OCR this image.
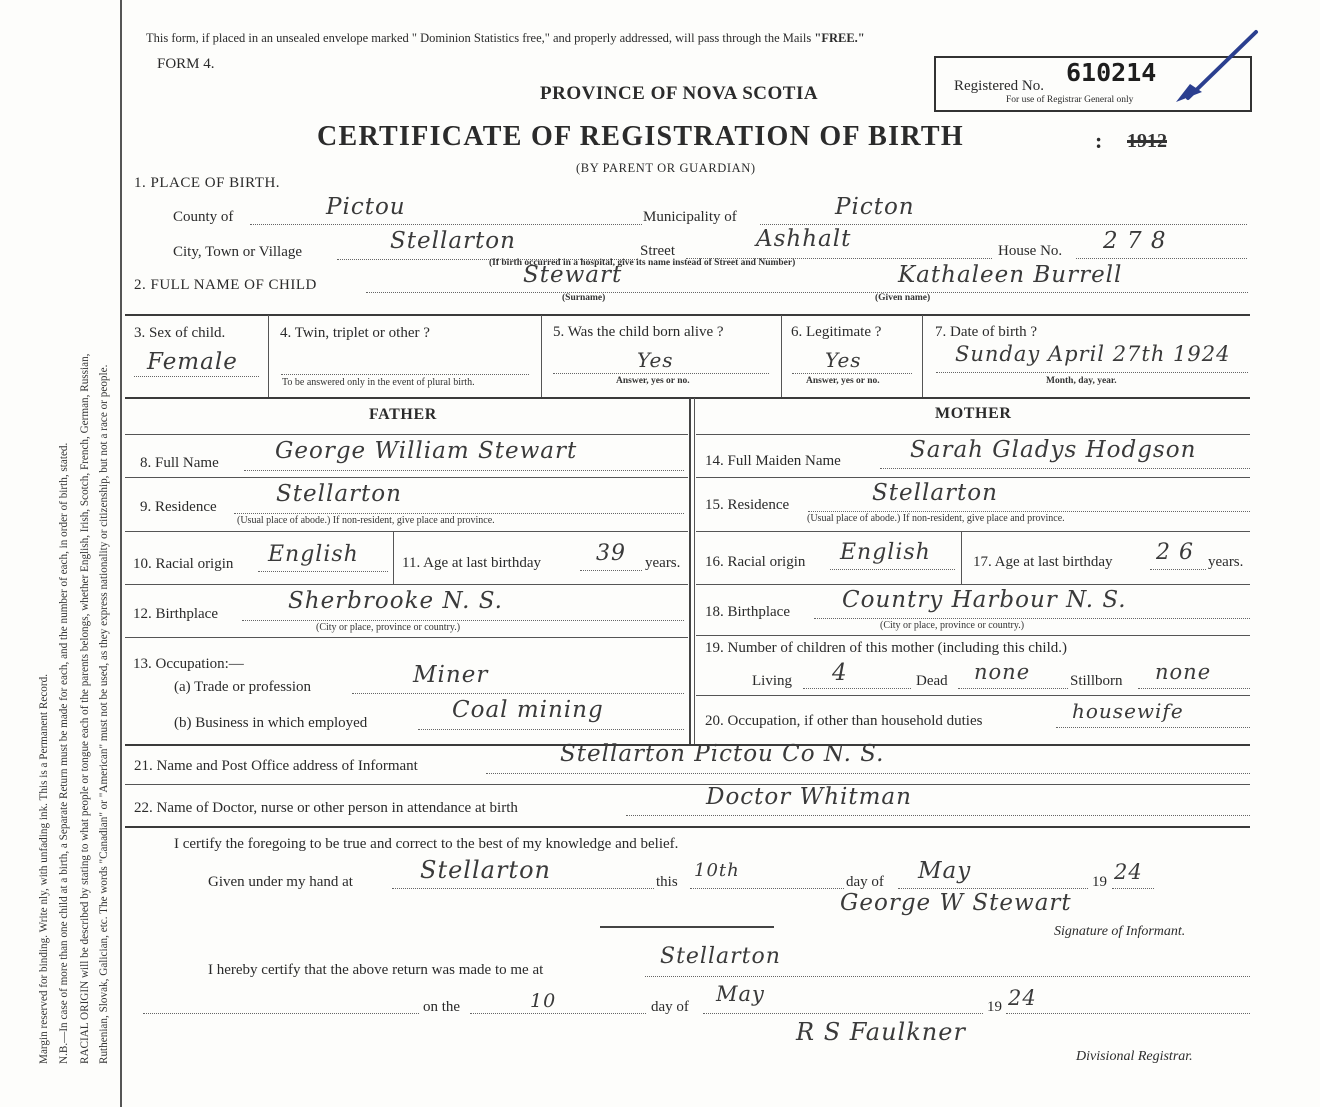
Margin reserved for binding. Write nly, with unfading ink. This is a Permanent Record. N.B.—In case of more than one child at a birth, a Separate Return must be made for each, and the number of each, in order of birth, stated. RACIAL ORIGIN will be described by stating to what people or tongue each of the parents belongs, whether English, Irish, Scotch, French, German, Russian, Ruthenian, Slovak, Galician, etc. The words "Canadian" or "American" must not be used, as they express nationality or citizenship, but not a race or people.
This form, if placed in an unsealed envelope marked " Dominion Statistics free," and properly addressed, will pass through the Mails "FREE."
FORM 4.
PROVINCE OF NOVA SCOTIA
CERTIFICATE OF REGISTRATION OF BIRTH	: 1912
(BY PARENT OR GUARDIAN)
Registered No. 610214
For use of Registrar General only
1. PLACE OF BIRTH.
County of	Pictou	Municipality of	Picton
City, Town or Village	Stellarton	Street	Ashhalt	House No. 2 7 8
(If birth occurred in a hospital, give its name instead of Street and Number)
2. FULL NAME OF CHILD	Stewart
(Surname)
Kathaleen Burrell
(Given name)
3. Sex of child.
Female
4. Twin, triplet or other ?
To be answered only in the event of plural birth.
5. Was the child born alive ?
Yes
Answer, yes or no.
6. Legitimate ?
Yes
Answer, yes or no.
7. Date of birth ?
Sunday April 27th 1924
Month, day, year.
FATHER	MOTHER
8. Full Name George William Stewart	14. Full Maiden Name	Sarah Gladys Hodgson
9. Residence	Stellarton
(Usual place of abode.) If non-resident, give place and province.
15. Residence	Stellarton
(Usual place of abode.) If non-resident, give place and province.
10. Racial origin English	11. Age at last birthday	39 years. 16. Racial origin English	17. Age at last birthday 2 6 years.
12. Birthplace	Sherbrooke N. S.
(City or place, province or country.)
18. Birthplace Country Harbour N. S.
(City or place, province or country.)
13. Occupation:—
(a) Trade or profession	Miner
(b) Business in which employed	Coal mining
19. Number of children of this mother (including this child.)
Living 4	Dead none	Stillborn none
20. Occupation, if other than household duties	housewife
21. Name and Post Office address of Informant	Stellarton Pictou Co N. S.
22. Name of Doctor, nurse or other person in attendance at birth	Doctor Whitman
I certify the foregoing to be true and correct to the best of my knowledge and belief.
Given under my hand at	Stellarton	this
10th
day of May	19 24
George W Stewart
Signature of Informant.
I hereby certify that the above return was made to me at
Stellarton
on the	10	day of
May
19 24
R S Faulkner
Divisional Registrar.
